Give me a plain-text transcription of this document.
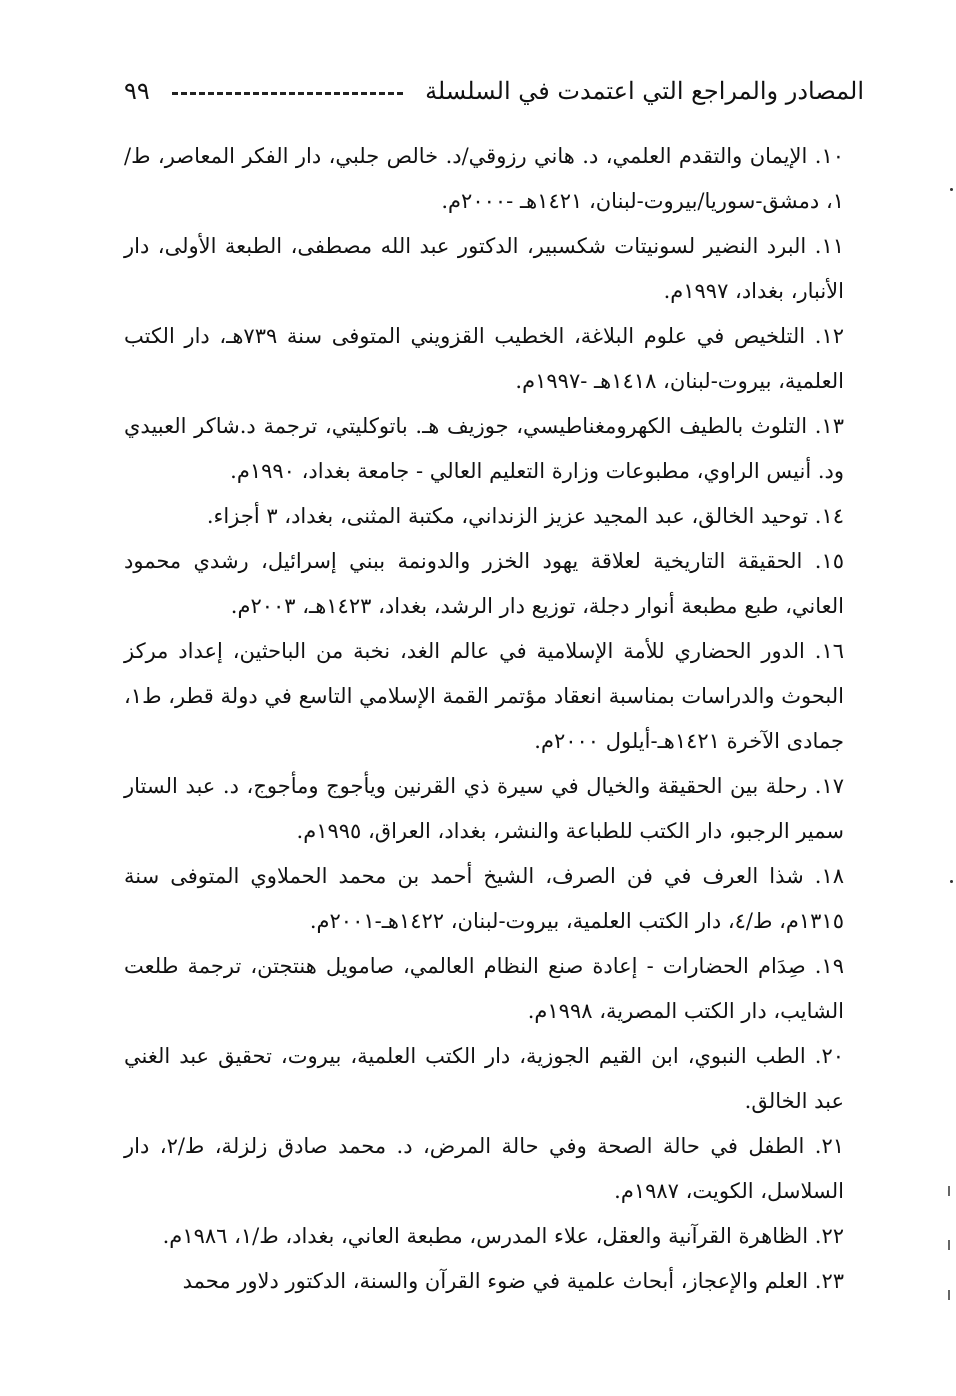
المصادر والمراجع التي اعتمدت في السلسلة
٩٩

١٠. الإيمان والتقدم العلمي، د. هاني رزوقي/د. خالص جلبي، دار الفكر المعاصر، ط/١، دمشق-سوريا/بيروت-لبنان، ١٤٢١هـ -٢٠٠٠م.

١١. البرد النضير لسونيتات شكسبير، الدكتور عبد الله مصطفى، الطبعة الأولى، دار الأنبار، بغداد، ١٩٩٧م.

١٢. التلخيص في علوم البلاغة، الخطيب القزويني المتوفى سنة ٧٣٩هـ، دار الكتب العلمية، بيروت-لبنان، ١٤١٨هـ -١٩٩٧م.

١٣. التلوث بالطيف الكهرومغناطيسي، جوزيف هـ. باتوكليتي، ترجمة د.شاكر العبيدي ود. أنيس الراوي، مطبوعات وزارة التعليم العالي - جامعة بغداد، ١٩٩٠م.

١٤. توحيد الخالق، عبد المجيد عزيز الزنداني، مكتبة المثنى، بغداد، ٣ أجزاء.

١٥. الحقيقة التاريخية لعلاقة يهود الخزر والدونمة ببني إسرائيل، رشدي محمود العاني، طبع مطبعة أنوار دجلة، توزيع دار الرشد، بغداد، ١٤٢٣هـ، ٢٠٠٣م.

١٦. الدور الحضاري للأمة الإسلامية في عالم الغد، نخبة من الباحثين، إعداد مركز البحوث والدراسات بمناسبة انعقاد مؤتمر القمة الإسلامي التاسع في دولة قطر، ط١، جمادى الآخرة ١٤٢١هـ-أيلول ٢٠٠٠م.

١٧. رحلة بين الحقيقة والخيال في سيرة ذي القرنين ويأجوج ومأجوج، د. عبد الستار سمير الرجبو، دار الكتب للطباعة والنشر، بغداد، العراق، ١٩٩٥م.

١٨. شذا العرف في فن الصرف، الشيخ أحمد بن محمد الحملاوي المتوفى سنة ١٣١٥م، ط/٤، دار الكتب العلمية، بيروت-لبنان، ١٤٢٢هـ-٢٠٠١م.

١٩. صِدَام الحضارات - إعادة صنع النظام العالمي، صامويل هنتجتن، ترجمة طلعت الشايب، دار الكتب المصرية، ١٩٩٨م.

٢٠. الطب النبوي، ابن القيم الجوزية، دار الكتب العلمية، بيروت، تحقيق عبد الغني عبد الخالق.

٢١. الطفل في حالة الصحة وفي حالة المرض، د. محمد صادق زلزلة، ط/٢، دار السلاسل، الكويت، ١٩٨٧م.

٢٢. الظاهرة القرآنية والعقل، علاء المدرس، مطبعة العاني، بغداد، ط/١، ١٩٨٦م.

٢٣. العلم والإعجاز، أبحاث علمية في ضوء القرآن والسنة، الدكتور دلاور محمد
